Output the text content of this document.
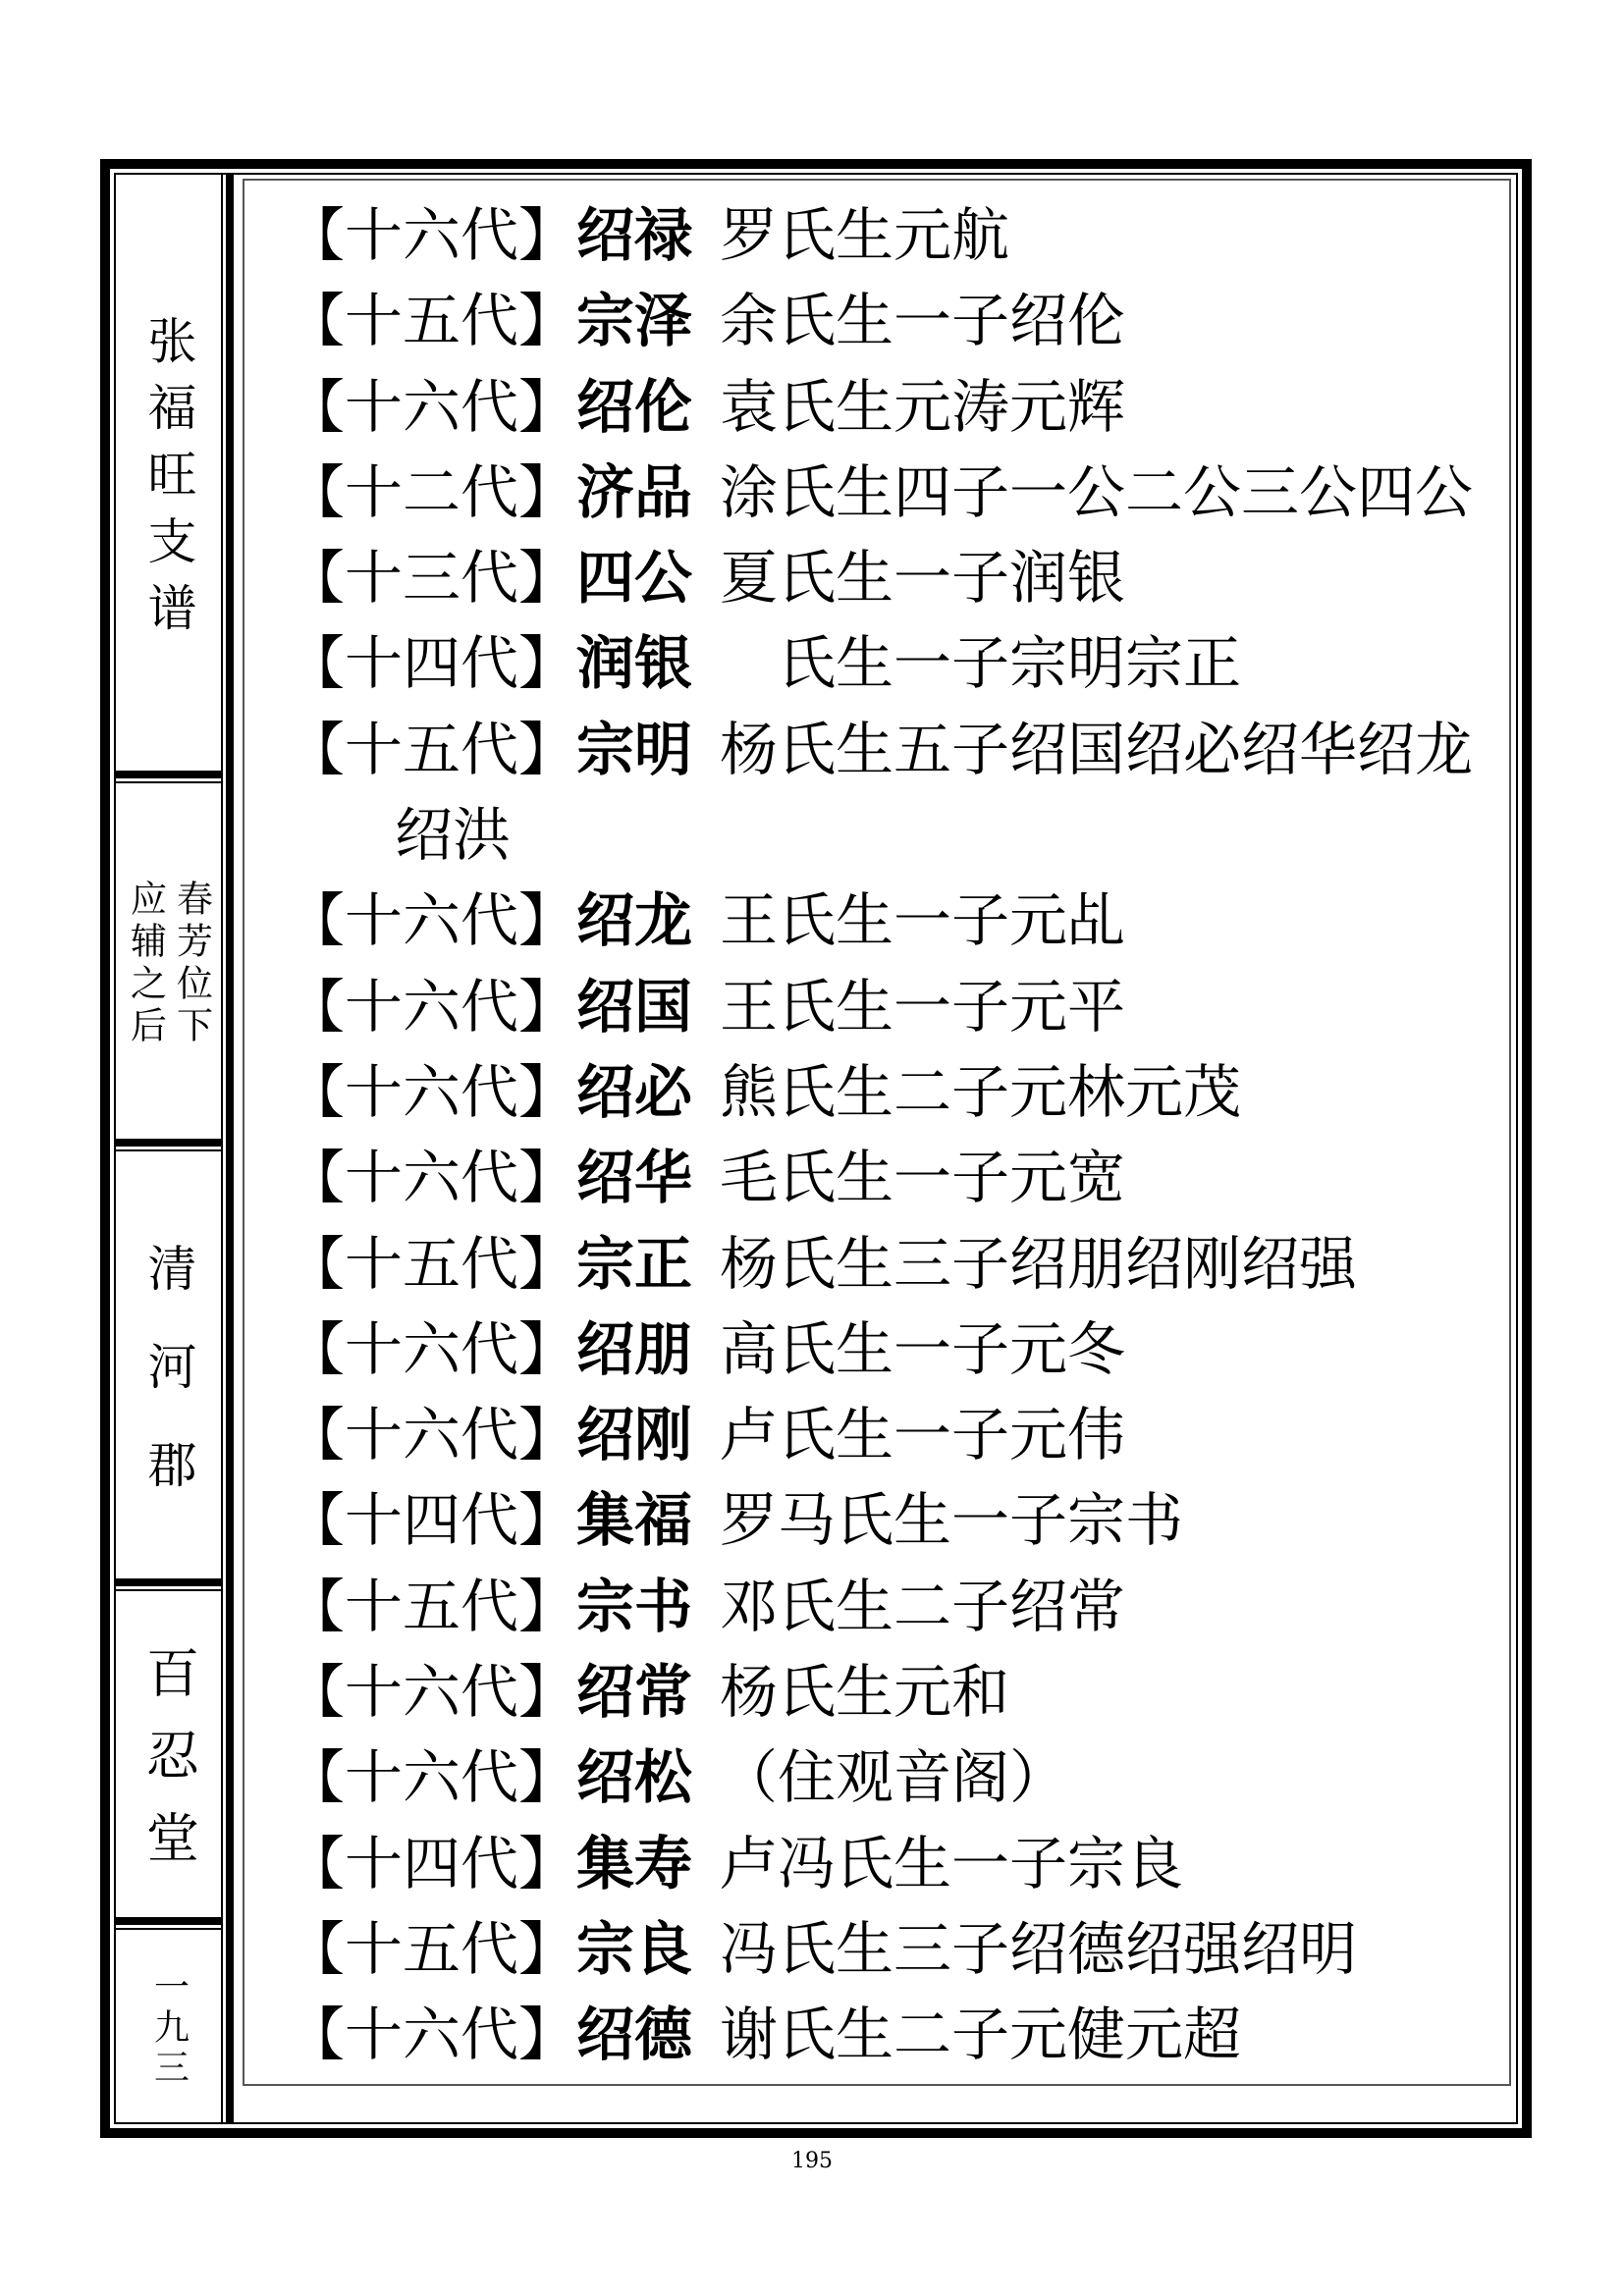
张福旺支谱
应辅之后 春芳位下
清河郡
百忍堂
一九三
【十六代】 绍禄 罗氏生元航
【十五代】 宗泽 余氏生一子绍伦
【十六代】 绍伦 袁氏生元涛元辉
【十二代】 济品 涂氏生四子一公二公三公四公
【十三代】 四公 夏氏生一子润银
【十四代】 润银 　氏生一子宗明宗正
【十五代】 宗明 杨氏生五子绍国绍必绍华绍龙
绍洪
【十六代】 绍龙 王氏生一子元乩
【十六代】 绍国 王氏生一子元平
【十六代】 绍必 熊氏生二子元林元茂
【十六代】 绍华 毛氏生一子元宽
【十五代】 宗正 杨氏生三子绍朋绍刚绍强
【十六代】 绍朋 高氏生一子元冬
【十六代】 绍刚 卢氏生一子元伟
【十四代】 集福 罗马氏生一子宗书
【十五代】 宗书 邓氏生二子绍常
【十六代】 绍常 杨氏生元和
【十六代】 绍松 （住观音阁）
【十四代】 集寿 卢冯氏生一子宗良
【十五代】 宗良 冯氏生三子绍德绍强绍明
【十六代】 绍德 谢氏生二子元健元超
195
